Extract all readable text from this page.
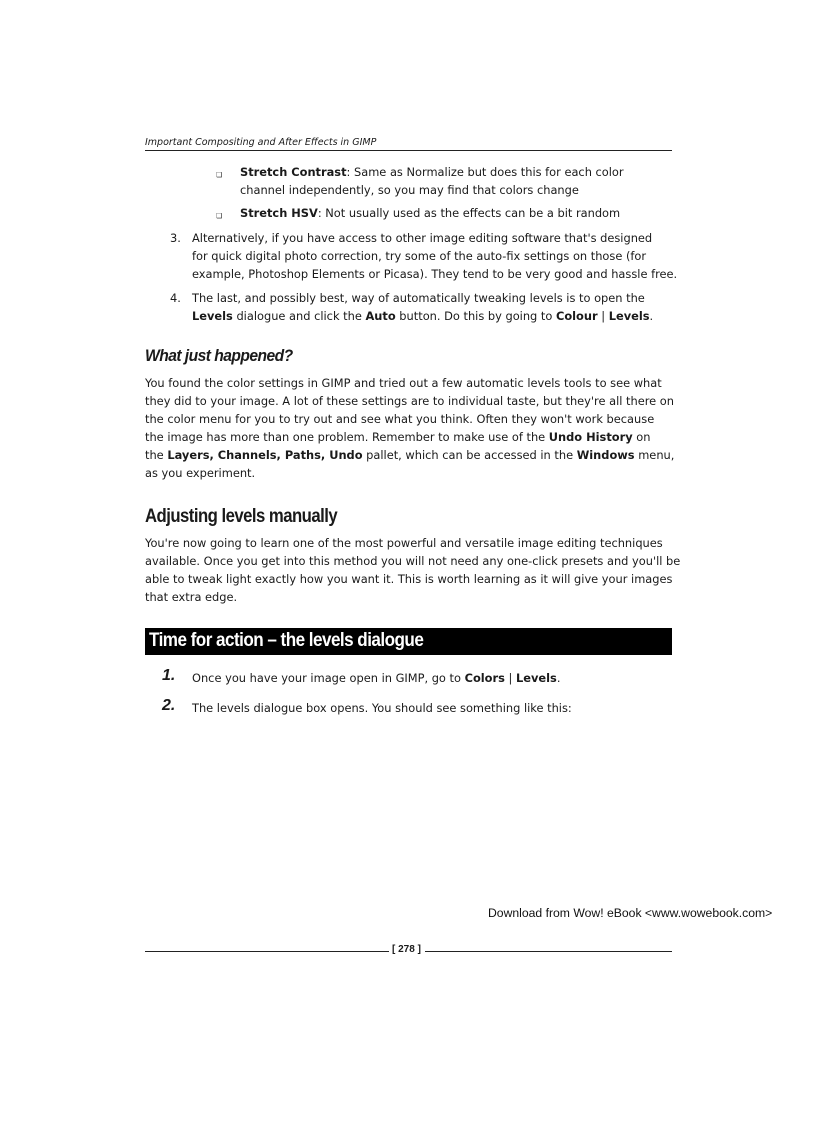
Important Compositing and After Effects in GIMP
❏ Stretch Contrast: Same as Normalize but does this for each color
channel independently, so you may find that colors change
❏ Stretch HSV: Not usually used as the effects can be a bit random
3. Alternatively, if you have access to other image editing software that's designed
for quick digital photo correction, try some of the auto-fix settings on those (for
example, Photoshop Elements or Picasa). They tend to be very good and hassle free.
4. The last, and possibly best, way of automatically tweaking levels is to open the
Levels dialogue and click the Auto button. Do this by going to Colour | Levels.
What just happened?
You found the color settings in GIMP and tried out a few automatic levels tools to see what
they did to your image. A lot of these settings are to individual taste, but they're all there on
the color menu for you to try out and see what you think. Often they won't work because
the image has more than one problem. Remember to make use of the Undo History on
the Layers, Channels, Paths, Undo pallet, which can be accessed in the Windows menu,
as you experiment.
Adjusting levels manually
You're now going to learn one of the most powerful and versatile image editing techniques
available. Once you get into this method you will not need any one-click presets and you'll be
able to tweak light exactly how you want it. This is worth learning as it will give your images
that extra edge.
Time for action – the levels dialogue
1. Once you have your image open in GIMP, go to Colors | Levels.
2. The levels dialogue box opens. You should see something like this:
Download from Wow! eBook <www.wowebook.com>
[ 278 ]
